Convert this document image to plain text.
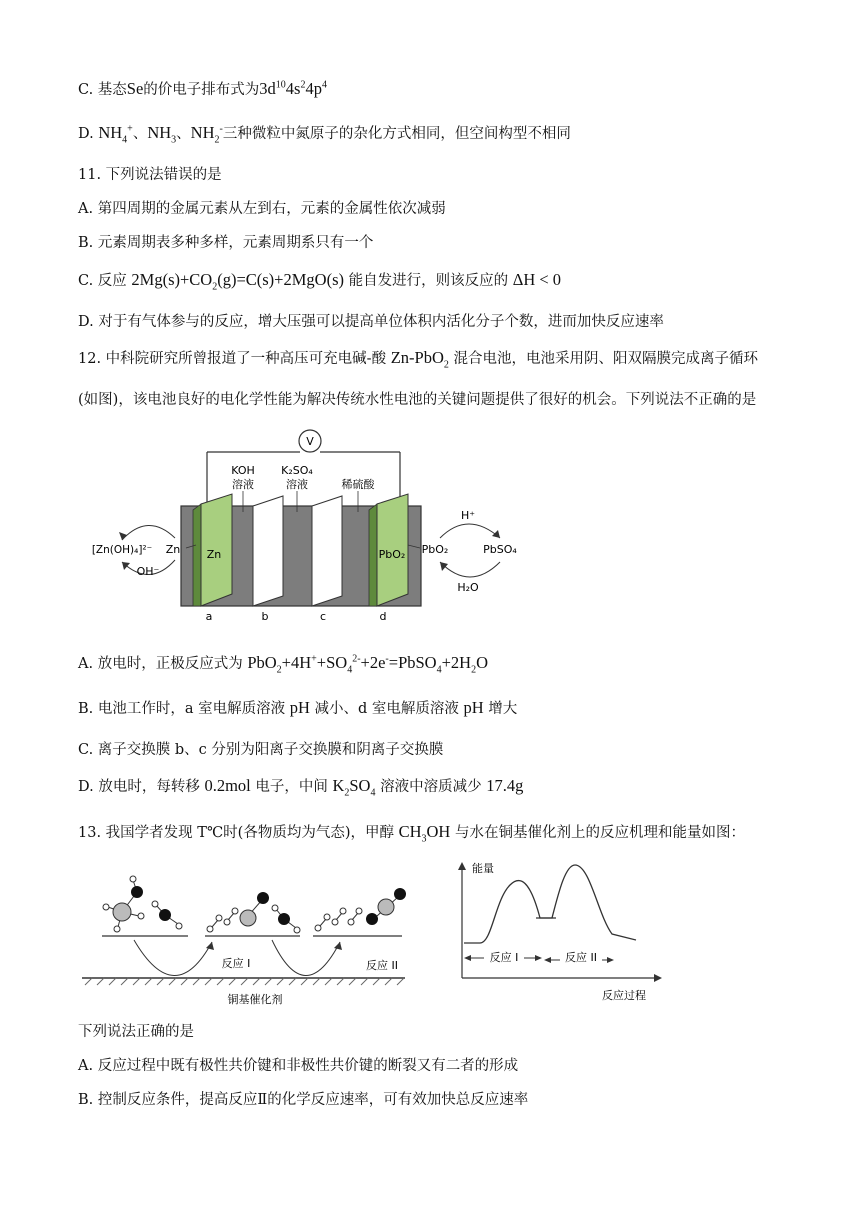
C. 基态Se的价电子排布式为$3d^{10}4s^24p^4$
D. $NH_4^+$、$NH_3$、$NH_2^-$三种微粒中氮原子的杂化方式相同，但空间构型不相同
11. 下列说法错误的是
A. 第四周期的金属元素从左到右，元素的金属性依次减弱
B. 元素周期表多种多样，元素周期系只有一个
C. 反应 $2Mg(s)+CO_2(g)=C(s)+2MgO(s)$ 能自发进行，则该反应的 ΔH < 0
D. 对于有气体参与的反应，增大压强可以提高单位体积内活化分子个数，进而加快反应速率
12. 中科院研究所曾报道了一种高压可充电碱-酸 Zn-PbO$_2$ 混合电池，电池采用阴、阳双隔膜完成离子循环
(如图)，该电池良好的电化学性能为解决传统水性电池的关键问题提供了很好的机会。下列说法不正确的是
V
KOH
溶液
K₂SO₄
溶液	稀硫酸
Zn	PbO₂
[Zn(OH)₄]²⁻ Zn
OH⁻
PbO₂	PbSO₄
H⁺
H₂O
a	b	c	d
A. 放电时，正极反应式为 $PbO_2+4H^++SO_4^{2-}+2e^-=PbSO_4+2H_2O$
B. 电池工作时，a 室电解质溶液 pH 减小、d 室电解质溶液 pH 增大
C. 离子交换膜 b、c 分别为阳离子交换膜和阴离子交换膜
D. 放电时，每转移 0.2mol 电子，中间 $K_2SO_4$ 溶液中溶质减少 17.4g
13. 我国学者发现 T℃时(各物质均为气态)，甲醇 $CH_3OH$ 与水在铜基催化剂上的反应机理和能量如图：
铜基催化剂
反应 I	反应 II
能量
反应过程
反应 I	反应 II
下列说法正确的是
A. 反应过程中既有极性共价键和非极性共价键的断裂又有二者的形成
B. 控制反应条件，提高反应Ⅱ的化学反应速率，可有效加快总反应速率
